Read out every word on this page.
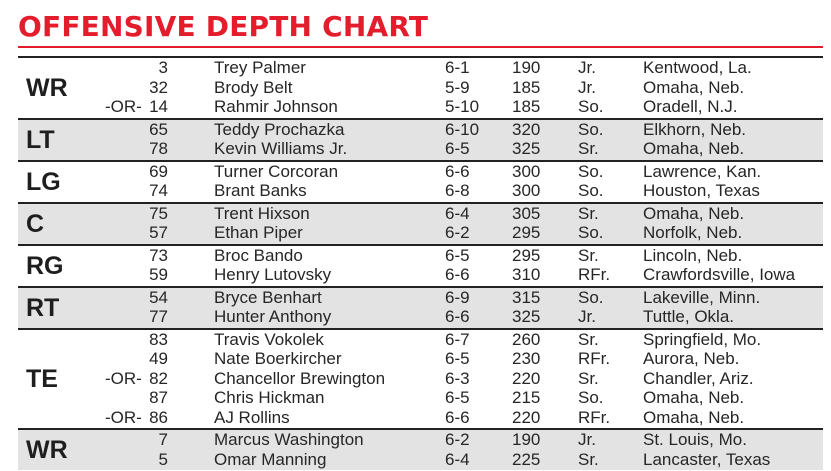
OFFENSIVE DEPTH CHART
WR
3	Trey Palmer	6-1 190 Jr.	Kentwood, La.
32	Brody Belt	5-9 185 Jr.	Omaha, Neb.
-OR- 14	Rahmir Johnson	5-10 185 So. Oradell, N.J.
LT	65	Teddy Prochazka	6-10 320 So. Elkhorn, Neb.
78	Kevin Williams Jr.	6-5 325 Sr.	Omaha, Neb.
LG	69	Turner Corcoran	6-6 300 So. Lawrence, Kan.
74	Brant Banks	6-8 300 So. Houston, Texas
C	75	Trent Hixson	6-4 305 Sr.	Omaha, Neb.
57	Ethan Piper	6-2 295 So. Norfolk, Neb.
RG	73	Broc Bando	6-5 295 Sr.	Lincoln, Neb.
59	Henry Lutovsky	6-6 310 RFr. Crawfordsville, Iowa
RT	54	Bryce Benhart	6-9 315 So. Lakeville, Minn.
77	Hunter Anthony	6-6 325 Jr.	Tuttle, Okla.
TE
83	Travis Vokolek	6-7 260 Sr.	Springfield, Mo.
49	Nate Boerkircher	6-5 230 RFr. Aurora, Neb.
-OR- 82	Chancellor Brewington	6-3 220 Sr.	Chandler, Ariz.
87	Chris Hickman	6-5 215 So. Omaha, Neb.
-OR- 86	AJ Rollins	6-6 220 RFr. Omaha, Neb.
WR	7	Marcus Washington	6-2 190 Jr.	St. Louis, Mo.
5	Omar Manning	6-4 225 Sr.	Lancaster, Texas
